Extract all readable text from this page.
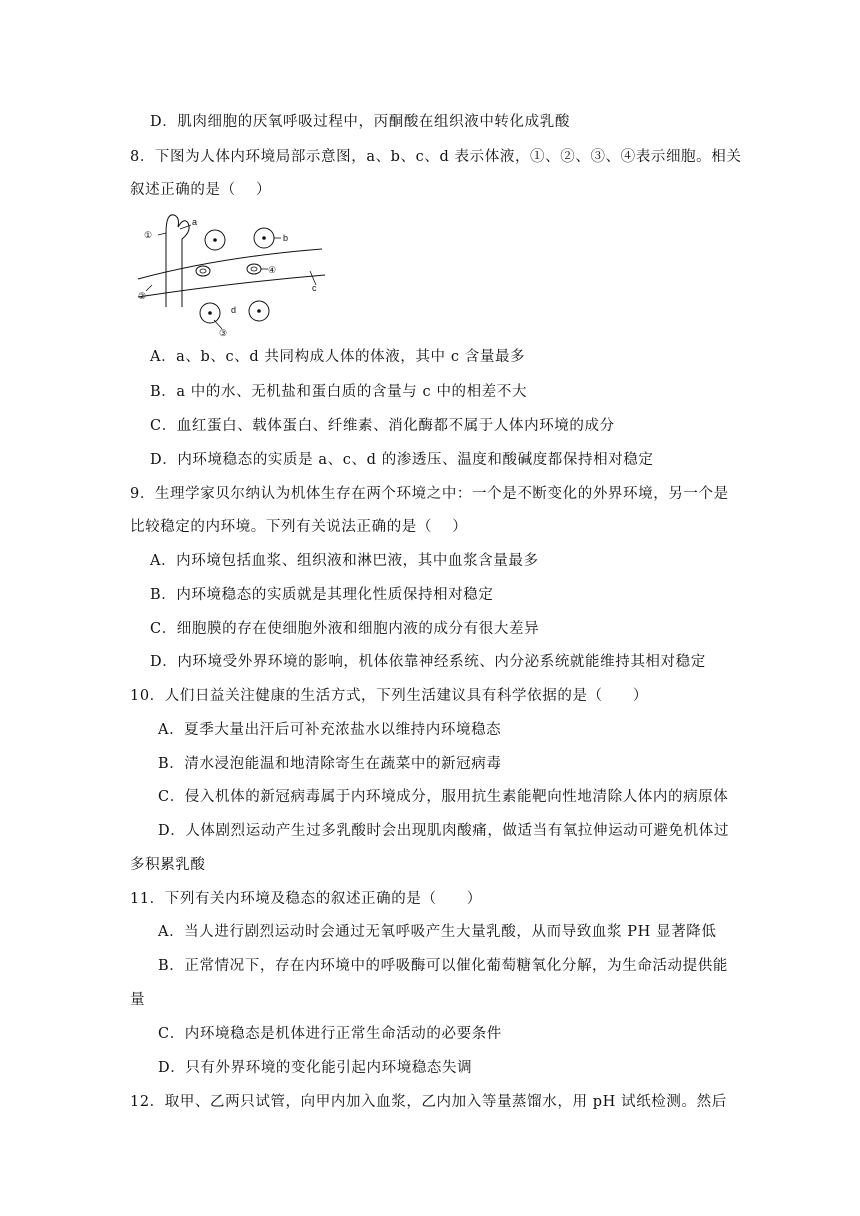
D．肌肉细胞的厌氧呼吸过程中，丙酮酸在组织液中转化成乳酸
8．下图为人体内环境局部示意图，a、b、c、d 表示体液，①、②、③、④表示细胞。相关
叙述正确的是（　 ）
a
b
c
d
①
②
③
④
A．a、b、c、d 共同构成人体的体液，其中 c 含量最多
B．a 中的水、无机盐和蛋白质的含量与 c 中的相差不大
C．血红蛋白、载体蛋白、纤维素、消化酶都不属于人体内环境的成分
D．内环境稳态的实质是 a、c、d 的渗透压、温度和酸碱度都保持相对稳定
9．生理学家贝尔纳认为机体生存在两个环境之中：一个是不断变化的外界环境，另一个是
比较稳定的内环境。下列有关说法正确的是（　 ）
A．内环境包括血浆、组织液和淋巴液，其中血浆含量最多
B．内环境稳态的实质就是其理化性质保持相对稳定
C．细胞膜的存在使细胞外液和细胞内液的成分有很大差异
D．内环境受外界环境的影响，机体依靠神经系统、内分泌系统就能维持其相对稳定
10．人们日益关注健康的生活方式，下列生活建议具有科学依据的是（　　）
A．夏季大量出汗后可补充浓盐水以维持内环境稳态
B．清水浸泡能温和地清除寄生在蔬菜中的新冠病毒
C．侵入机体的新冠病毒属于内环境成分，服用抗生素能靶向性地清除人体内的病原体
D．人体剧烈运动产生过多乳酸时会出现肌肉酸痛，做适当有氧拉伸运动可避免机体过
多积累乳酸
11．下列有关内环境及稳态的叙述正确的是（　　）
A．当人进行剧烈运动时会通过无氧呼吸产生大量乳酸，从而导致血浆 PH 显著降低
B．正常情况下，存在内环境中的呼吸酶可以催化葡萄糖氧化分解，为生命活动提供能
量
C．内环境稳态是机体进行正常生命活动的必要条件
D．只有外界环境的变化能引起内环境稳态失调
12．取甲、乙两只试管，向甲内加入血浆，乙内加入等量蒸馏水，用 pH 试纸检测。然后
